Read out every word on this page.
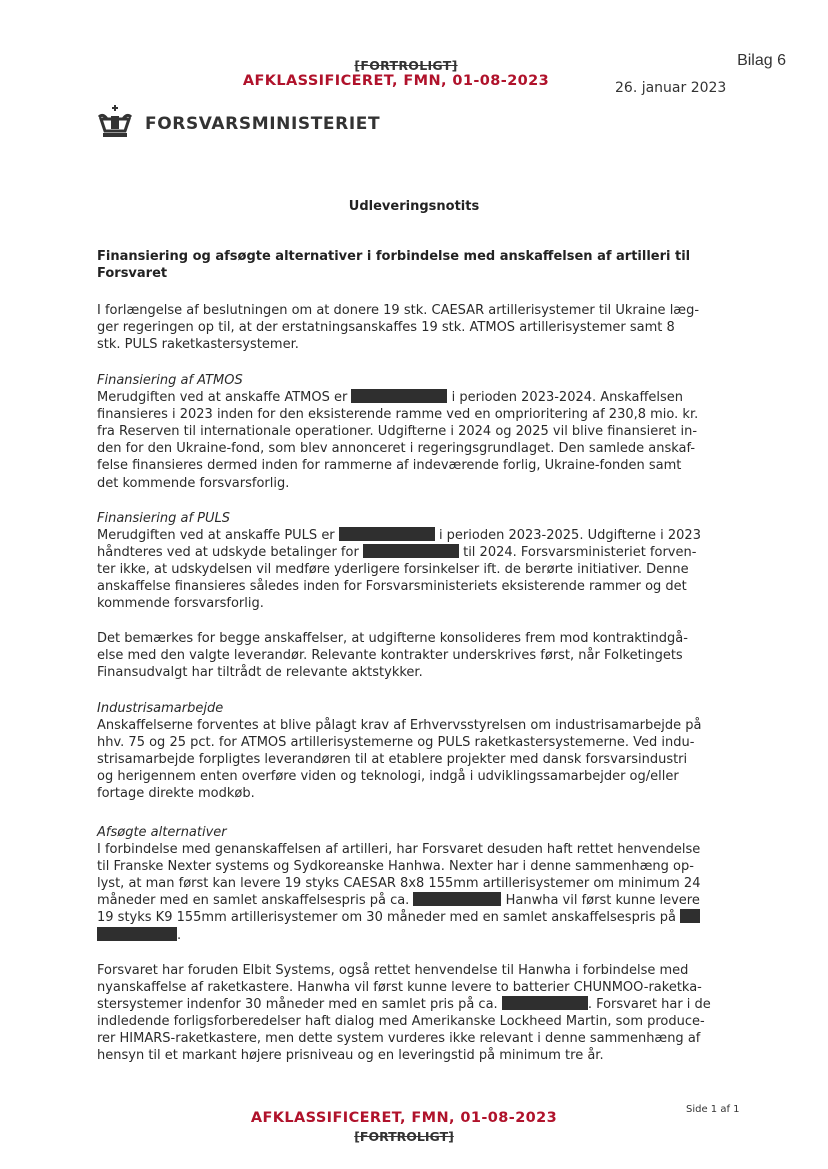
[FORTROLIGT]
AFKLASSIFICERET, FMN, 01-08-2023
Bilag 6
26. januar 2023
FORSVARSMINISTERIET
Udleveringsnotits
Finansiering og afsøgte alternativer i forbindelse med anskaffelsen af artilleri til
Forsvaret
I forlængelse af beslutningen om at donere 19 stk. CAESAR artillerisystemer til Ukraine læg-
ger regeringen op til, at der erstatningsanskaffes 19 stk. ATMOS artillerisystemer samt 8
stk. PULS raketkastersystemer.
Finansiering af ATMOS
Merudgiften ved at anskaffe ATMOS er	i perioden 2023-2024. Anskaffelsen
finansieres i 2023 inden for den eksisterende ramme ved en omprioritering af 230,8 mio. kr.
fra Reserven til internationale operationer. Udgifterne i 2024 og 2025 vil blive finansieret in-
den for den Ukraine-fond, som blev annonceret i regeringsgrundlaget. Den samlede anskaf-
felse finansieres dermed inden for rammerne af indeværende forlig, Ukraine-fonden samt
det kommende forsvarsforlig.
Finansiering af PULS
Merudgiften ved at anskaffe PULS er	i perioden 2023-2025. Udgifterne i 2023
håndteres ved at udskyde betalinger for	til 2024. Forsvarsministeriet forven-
ter ikke, at udskydelsen vil medføre yderligere forsinkelser ift. de berørte initiativer. Denne
anskaffelse finansieres således inden for Forsvarsministeriets eksisterende rammer og det
kommende forsvarsforlig.
Det bemærkes for begge anskaffelser, at udgifterne konsolideres frem mod kontraktindgå-
else med den valgte leverandør. Relevante kontrakter underskrives først, når Folketingets
Finansudvalgt har tiltrådt de relevante aktstykker.
Industrisamarbejde
Anskaffelserne forventes at blive pålagt krav af Erhvervsstyrelsen om industrisamarbejde på
hhv. 75 og 25 pct. for ATMOS artillerisystemerne og PULS raketkastersystemerne. Ved indu-
strisamarbejde forpligtes leverandøren til at etablere projekter med dansk forsvarsindustri
og herigennem enten overføre viden og teknologi, indgå i udviklingssamarbejder og/eller
fortage direkte modkøb.
Afsøgte alternativer
I forbindelse med genanskaffelsen af artilleri, har Forsvaret desuden haft rettet henvendelse
til Franske Nexter systems og Sydkoreanske Hanhwa. Nexter har i denne sammenhæng op-
lyst, at man først kan levere 19 styks CAESAR 8x8 155mm artillerisystemer om minimum 24
måneder med en samlet anskaffelsespris på ca.	Hanwha vil først kunne levere
19 styks K9 155mm artillerisystemer om 30 måneder med en samlet anskaffelsespris på
.
Forsvaret har foruden Elbit Systems, også rettet henvendelse til Hanwha i forbindelse med
nyanskaffelse af raketkastere. Hanwha vil først kunne levere to batterier CHUNMOO-raketka-
stersystemer indenfor 30 måneder med en samlet pris på ca.	. Forsvaret har i de
indledende forligsforberedelser haft dialog med Amerikanske Lockheed Martin, som produce-
rer HIMARS-raketkastere, men dette system vurderes ikke relevant i denne sammenhæng af
hensyn til et markant højere prisniveau og en leveringstid på minimum tre år.
Side 1 af 1
AFKLASSIFICERET, FMN, 01-08-2023
[FORTROLIGT]
